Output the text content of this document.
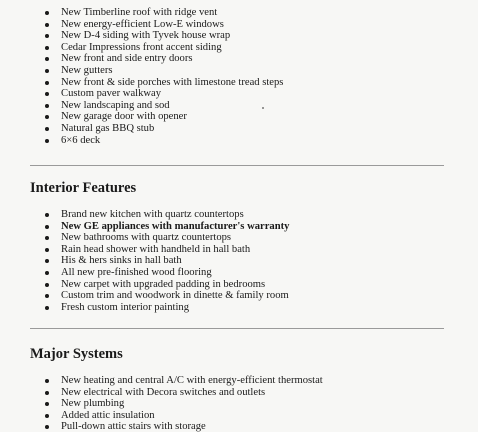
New Timberline roof with ridge vent
New energy-efficient Low-E windows
New D-4 siding with Tyvek house wrap
Cedar Impressions front accent siding
New front and side entry doors
New gutters
New front & side porches with limestone tread steps
Custom paver walkway
New landscaping and sod
New garage door with opener
Natural gas BBQ stub
6×6 deck
Interior Features
Brand new kitchen with quartz countertops
New GE appliances with manufacturer's warranty
New bathrooms with quartz countertops
Rain head shower with handheld in hall bath
His & hers sinks in hall bath
All new pre-finished wood flooring
New carpet with upgraded padding in bedrooms
Custom trim and woodwork in dinette & family room
Fresh custom interior painting
Major Systems
New heating and central A/C with energy-efficient thermostat
New electrical with Decora switches and outlets
New plumbing
Added attic insulation
Pull-down attic stairs with storage
